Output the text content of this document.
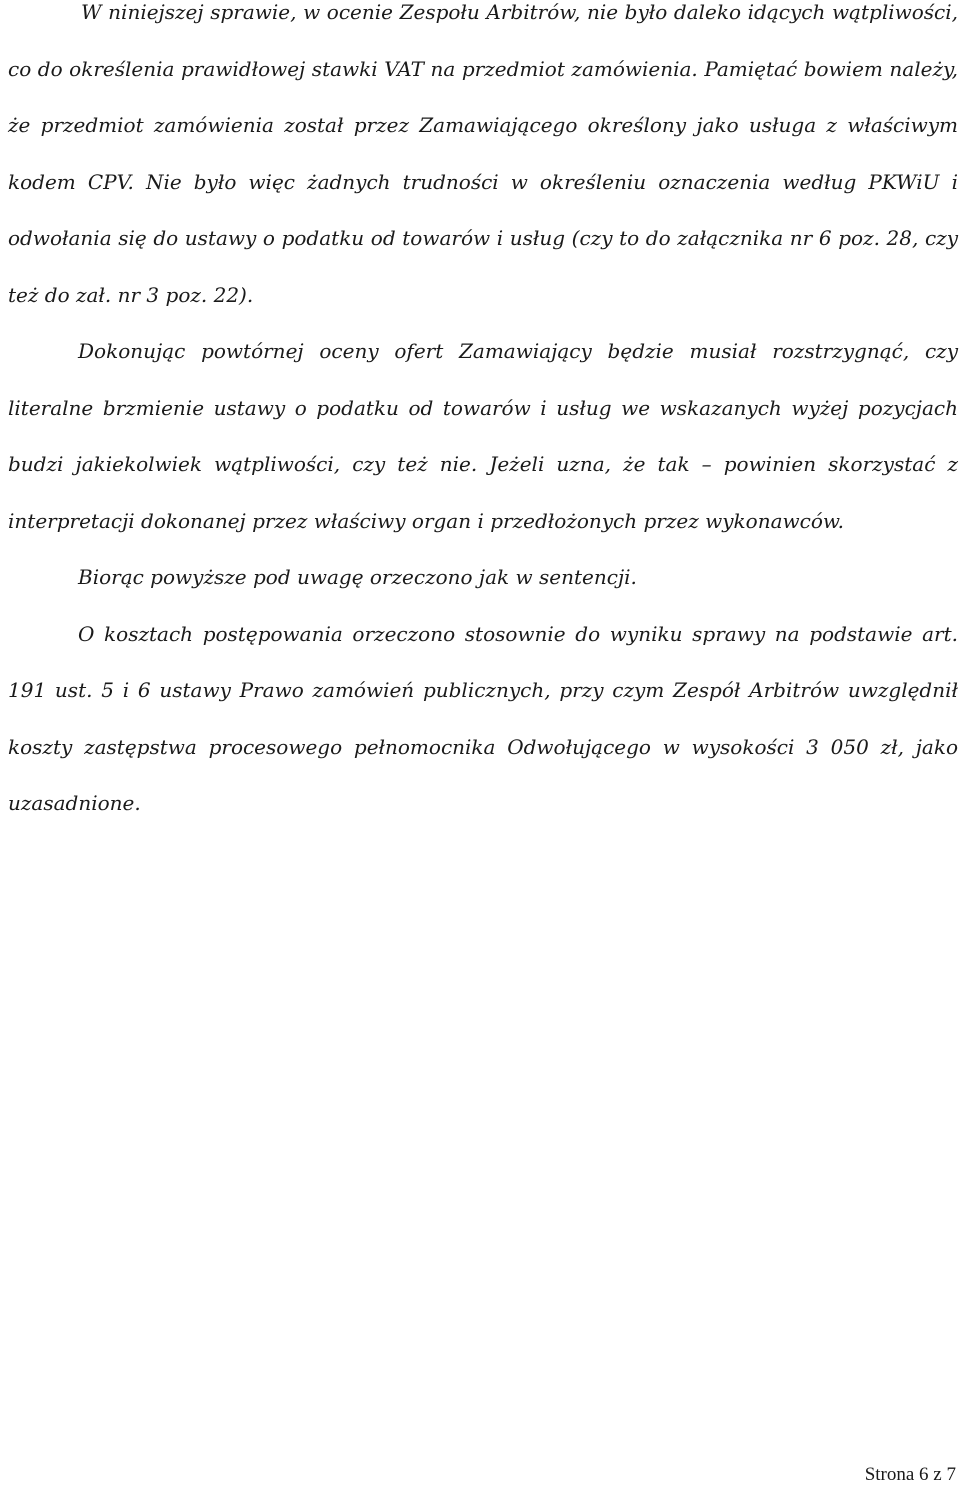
W niniejszej sprawie, w ocenie Zespołu Arbitrów, nie było daleko idących wątpliwości, co do określenia prawidłowej stawki VAT na przedmiot zamówienia. Pamiętać bowiem należy, że przedmiot zamówienia został przez Zamawiającego określony jako usługa z właściwym kodem CPV. Nie było więc żadnych trudności w określeniu oznaczenia według PKWiU i odwołania się do ustawy o podatku od towarów i usług (czy to do załącznika nr 6 poz. 28, czy też do zał. nr 3 poz. 22).

Dokonując powtórnej oceny ofert Zamawiający będzie musiał rozstrzygnąć, czy literalne brzmienie ustawy o podatku od towarów i usług we wskazanych wyżej pozycjach budzi jakiekolwiek wątpliwości, czy też nie. Jeżeli uzna, że tak – powinien skorzystać z interpretacji dokonanej przez właściwy organ i przedłożonych przez wykonawców.

Biorąc powyższe pod uwagę orzeczono jak w sentencji.

O kosztach postępowania orzeczono stosownie do wyniku sprawy na podstawie art. 191 ust. 5 i 6 ustawy Prawo zamówień publicznych, przy czym Zespół Arbitrów uwzględnił koszty zastępstwa procesowego pełnomocnika Odwołującego w wysokości 3 050 zł, jako uzasadnione.

Strona 6 z 7
